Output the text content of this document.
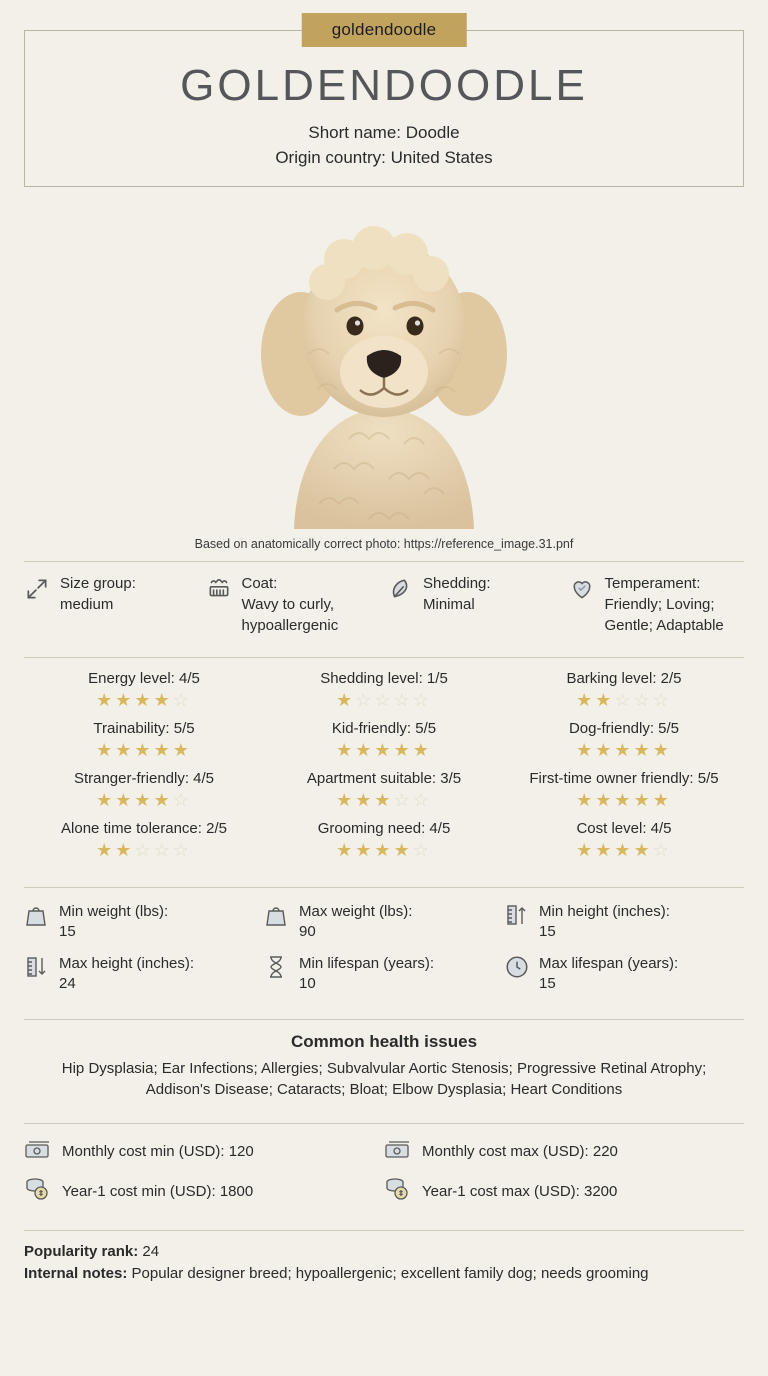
goldendoodle
GOLDENDOODLE
Short name: Doodle
Origin country: United States
Based on anatomically correct photo: https://reference_image.31.pnf
Size group:
medium
Coat:
Wavy to curly, hypoallergenic
Shedding:
Minimal
Temperament:
Friendly; Loving; Gentle; Adaptable
Energy level: 4/5
★★★★☆
Shedding level: 1/5
★☆☆☆☆
Barking level: 2/5
★★☆☆☆
Trainability: 5/5
★★★★★
Kid-friendly: 5/5
★★★★★
Dog-friendly: 5/5
★★★★★
Stranger-friendly: 4/5
★★★★☆
Apartment suitable: 3/5
★★★☆☆
First-time owner friendly: 5/5
★★★★★
Alone time tolerance: 2/5
★★☆☆☆
Grooming need: 4/5
★★★★☆
Cost level: 4/5
★★★★☆
Min weight (lbs):
15
Max weight (lbs):
90
Min height (inches):
15
Max height (inches):
24
Min lifespan (years):
10
Max lifespan (years):
15
Common health issues

Hip Dysplasia; Ear Infections; Allergies; Subvalvular Aortic Stenosis; Progressive Retinal Atrophy; Addison's Disease; Cataracts; Bloat; Elbow Dysplasia; Heart Conditions

Monthly cost min (USD): 120	Monthly cost max (USD): 220
Year-1 cost min (USD): 1800	Year-1 cost max (USD): 3200
Popularity rank: 24
Internal notes: Popular designer breed; hypoallergenic; excellent family dog; needs grooming
